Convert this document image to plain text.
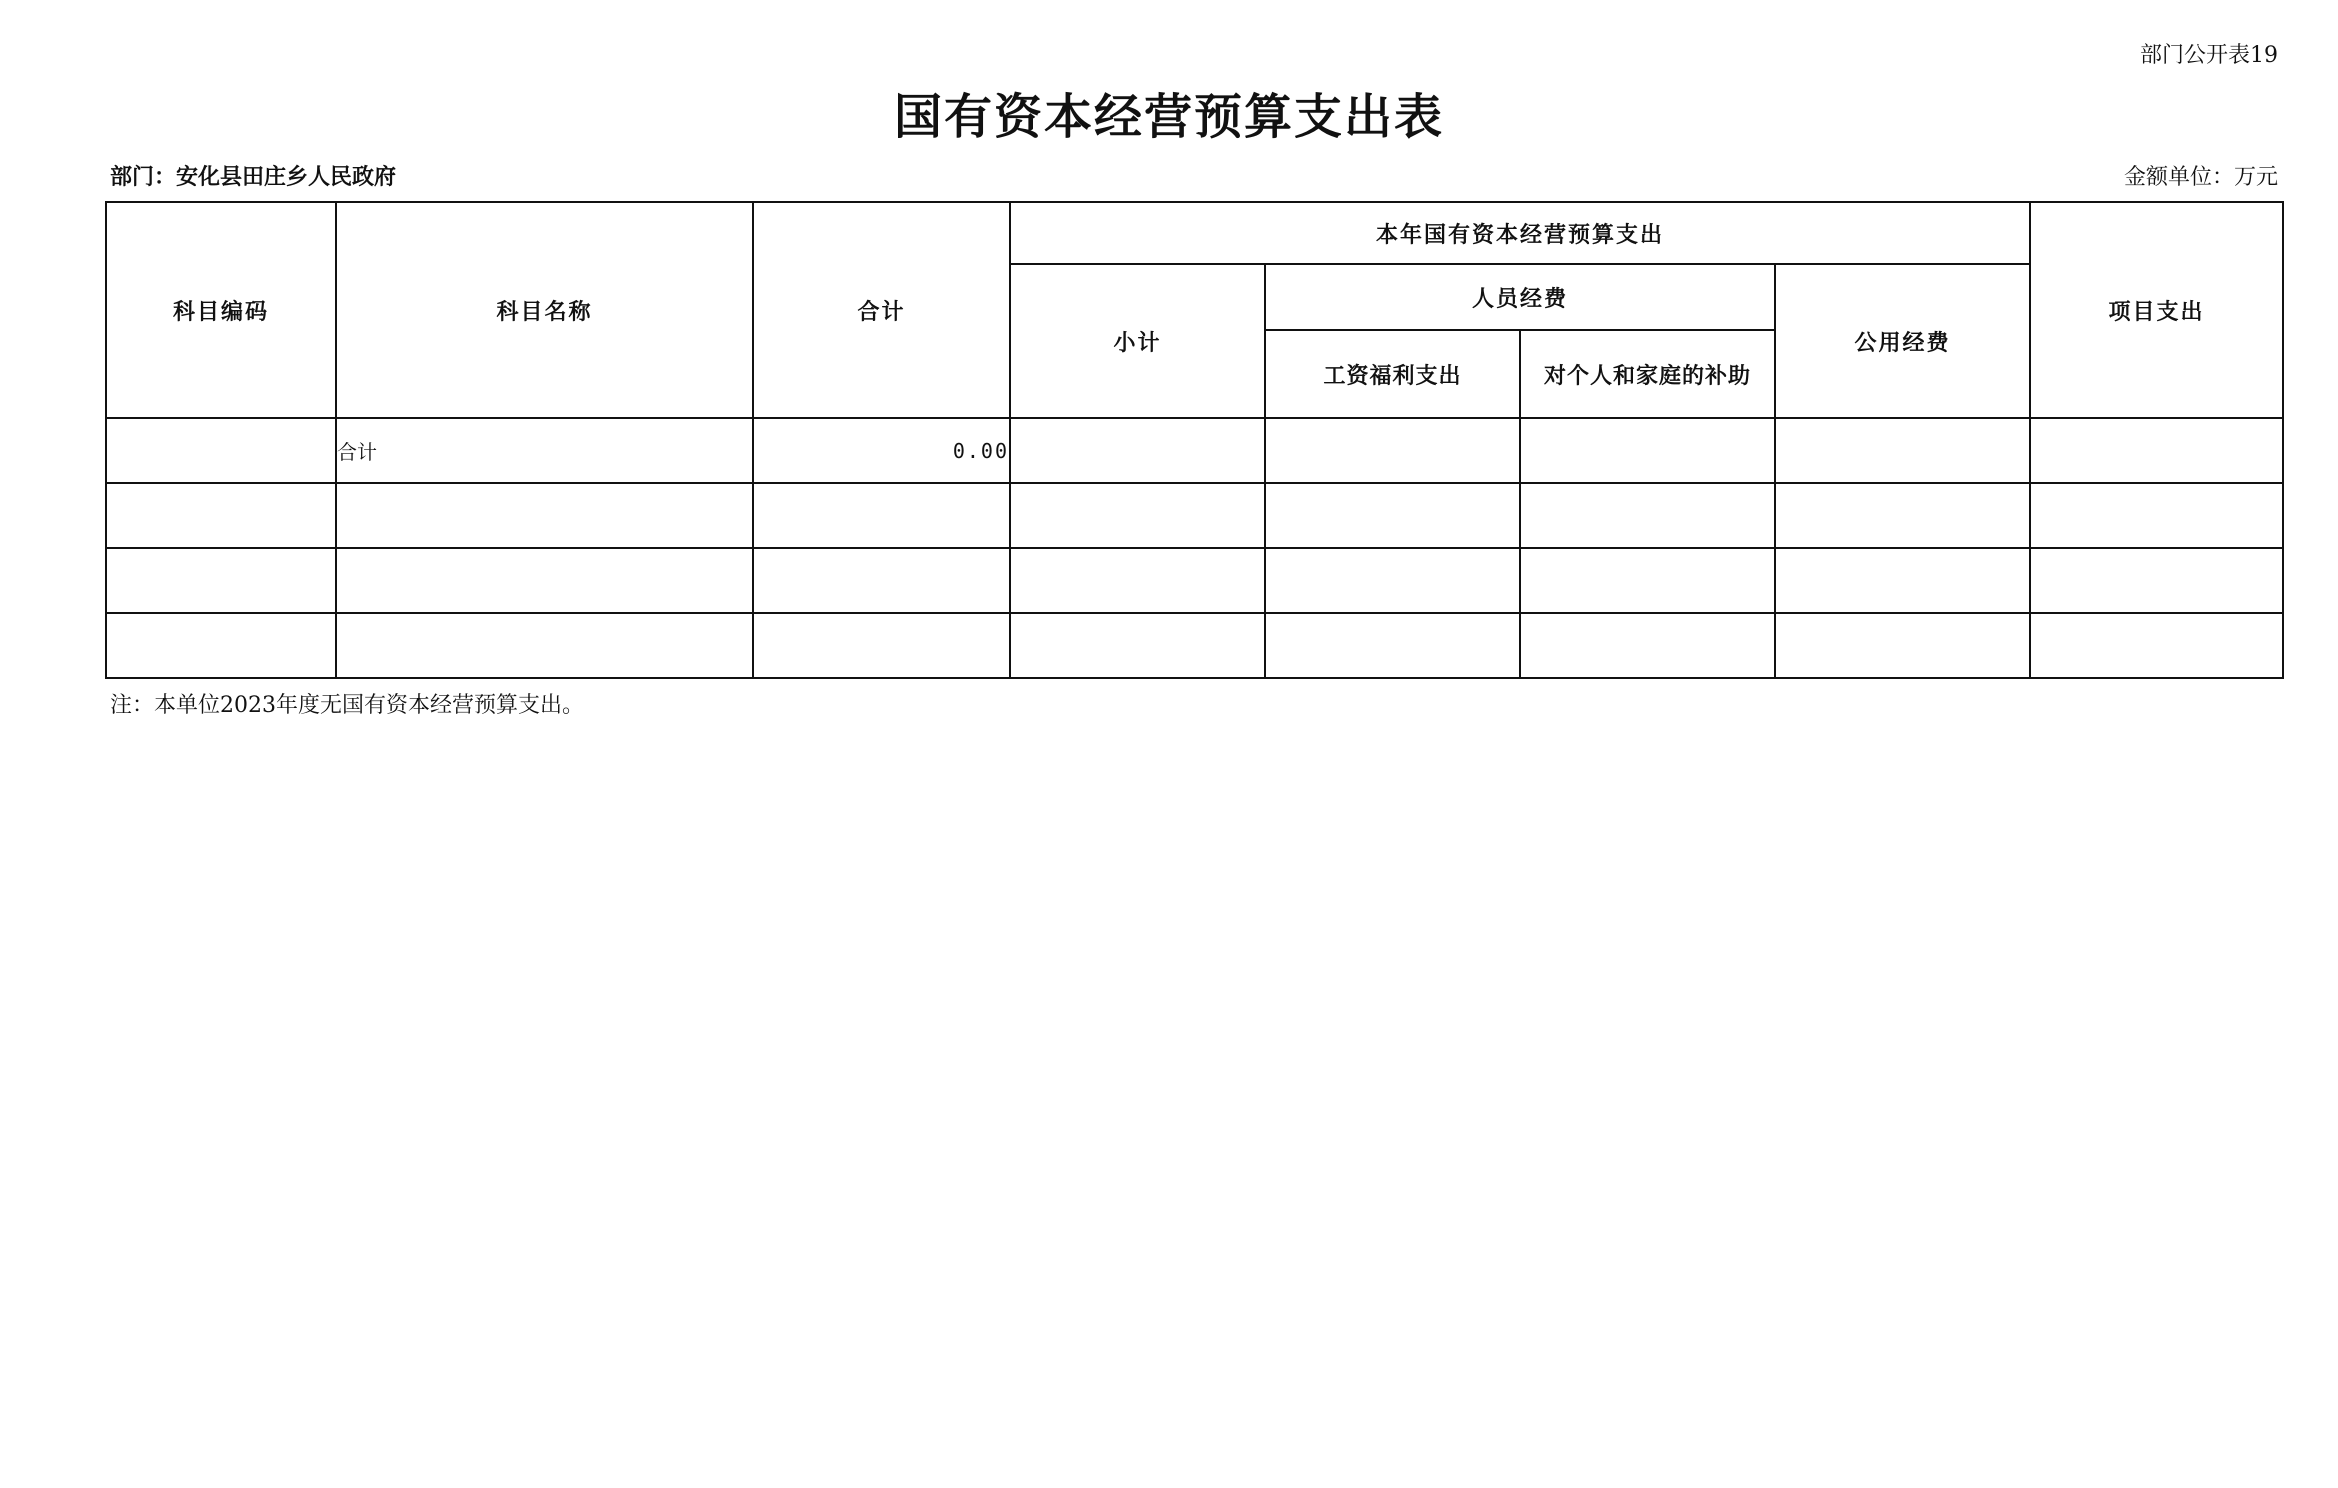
部门公开表19
国有资本经营预算支出表
部门：安化县田庄乡人民政府	金额单位：万元
科目编码	科目名称	合计	本年国有资本经营预算支出				项目支出
			小计	人员经费		公用经费	
				工资福利支出	对个人和家庭的补助		
	合计	0.00					

注：本单位2023年度无国有资本经营预算支出。
